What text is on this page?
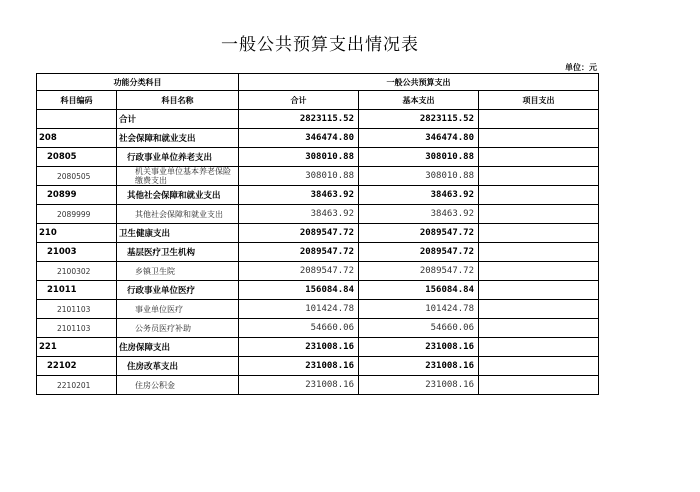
一般公共预算支出情况表
单位：元
功能分类科目		一般公共预算支出		
科目编码	科目名称	合计	基本支出	项目支出
	合计	2823115.52	2823115.52	
208	社会保障和就业支出	346474.80	346474.80	
20805	行政事业单位养老支出	308010.88	308010.88	
2080505	机关事业单位基本养老保险缴费支出	308010.88	308010.88	
20899	其他社会保障和就业支出	38463.92	38463.92	
2089999	其他社会保障和就业支出	38463.92	38463.92	
210	卫生健康支出	2089547.72	2089547.72	
21003	基层医疗卫生机构	2089547.72	2089547.72	
2100302	乡镇卫生院	2089547.72	2089547.72	
21011	行政事业单位医疗	156084.84	156084.84	
2101103	事业单位医疗	101424.78	101424.78	
2101103	公务员医疗补助	54660.06	54660.06	
221	住房保障支出	231008.16	231008.16	
22102	住房改革支出	231008.16	231008.16	
2210201	住房公积金	231008.16	231008.16	
